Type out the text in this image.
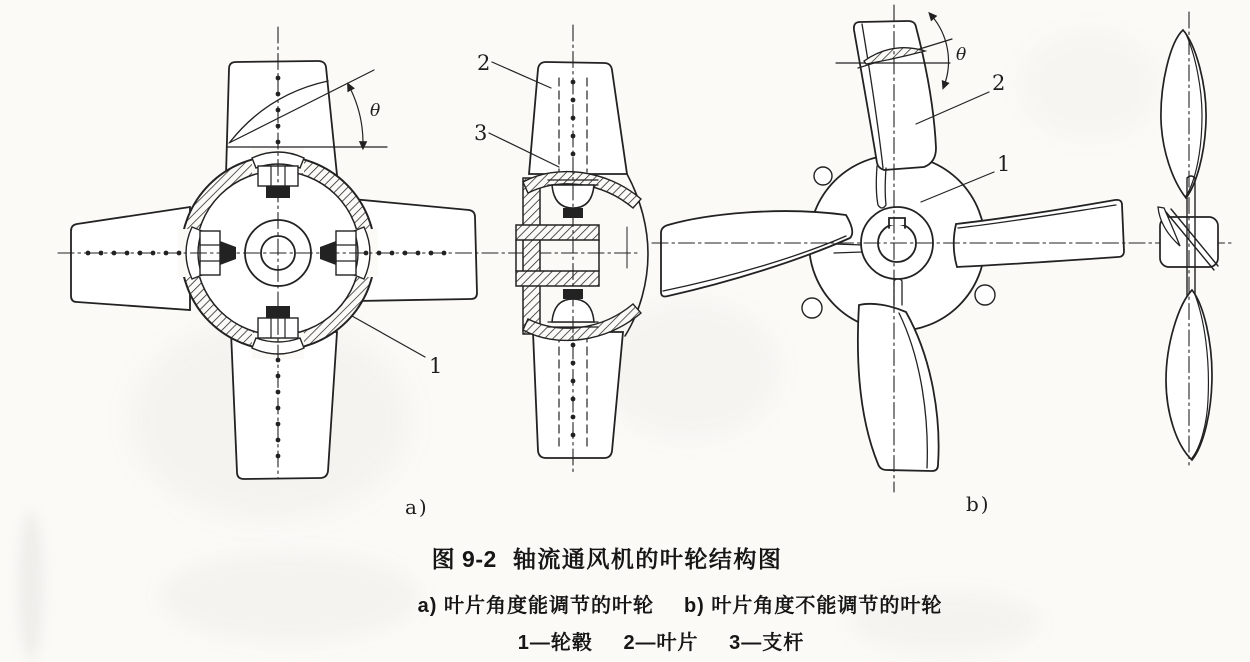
θ
θ
1
2
3
2
1
a)	b)
图 9-2 轴流通风机的叶轮结构图
a) 叶片角度能调节的叶轮 b) 叶片角度不能调节的叶轮
1—轮毂 2—叶片 3—支杆
